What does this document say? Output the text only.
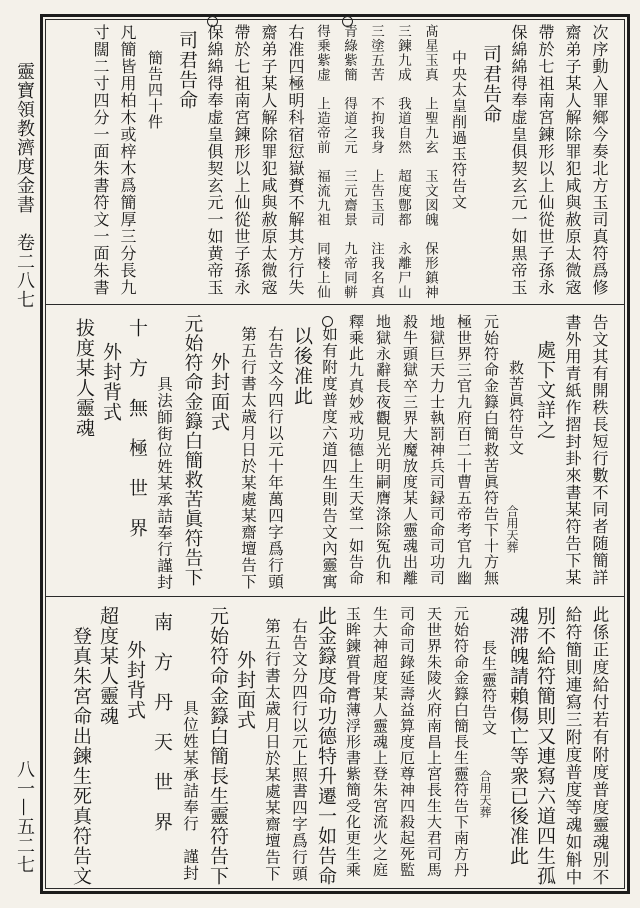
靈寶領教濟度金書　卷二八七
八一—五二七
次序動入罪鄉今奏北方玉司真符爲修
齋弟子某人解除罪犯咸與赦原太微宼
帶於七祖南宮鍊形以上仙從世子孫永
保綿綿得奉虚皇俱契玄元一如黒帝玉
司君告命
中央太皇削過玉符告文
髙星玉真　上聖九玄　玉文図魄　保形鎮神
三鍊九成　我道自然　超度鄷都　永離尸山
三塗五苦　不拘我身　上告玉司　注我名真
青綠紫簡　得道之元　三元齋景　九帝同軿
得乗紫虚　上造帝前　福流九祖　同楼上仙
右准四極明科宿愆嶽賚不解其方行失
齋弟子某人解除罪犯咸與赦原太微宼
帶於七祖南宮鍊形以上仙從世子孫永
保綿綿得奉虚皇俱契玄元一如黄帝玉
司君告命
簡告四十件
凡簡皆用柏木或梓木爲簡厚三分長九
寸闊二寸四分一面朱書符文一面朱書
告文其有開秩長短行數不同者随簡詳
書外用青紙作摺封卦來書某符告下某
處下文詳之
救苦眞符告文
合用天葬
元始符命金籙白簡救苦眞符告下十方無
極世界三官九府百二十曹五帝考官九幽
地獄巨天力士執罰神兵司録司命司功司
殺牛頭獄卒三界大魔放度某人靈魂出離
地獄永辭長夜觀見光明嗣膺涤除冤仇和
釋乘此九真妙戒功德上生天堂一如告命
如有附度普度六道四生則告文內靈寓
以後准此
右告文今四行以元十年萬四字爲行頭
第五行書太歳月日於某處某齋壇告下
外封面式
元始符命金籙白簡救苦眞符告下
具法師街位姓某承詰奉行謹封
十　方　無　極　世　界
外封背式
拔度某人靈魂
此係正度給付若有附度普度靈魂別不
給符簡則連寫三附度普度等魂如斛中
別不給符簡則又連寫六道四生孤
魂滞魄請賴傷亡等衆已後准此
長生靈符告文
合用天葬
元始符命金籙白簡長生靈符告下南方丹
天世界朱陵火府南昌上宮長生大君司馬
司命司錄延壽益算度厄尊神四殺起死監
生大神超度某人靈魂上登朱宮流火之庭
玉眸鍊質骨膏薄浮形書紫簡受化更生乘
此金籙度命功德特升遷一如告命
右告文分四行以元上照書四字爲行頭
第五行書太歳月日於某處某齋壇告下
外封面式
元始符命金籙白簡長生靈符告下
具位姓某承詰奉行　謹封
南　方　丹　天　世　界
外封背式
超度某人靈魂
登真朱宮命出鍊生死真符告文
